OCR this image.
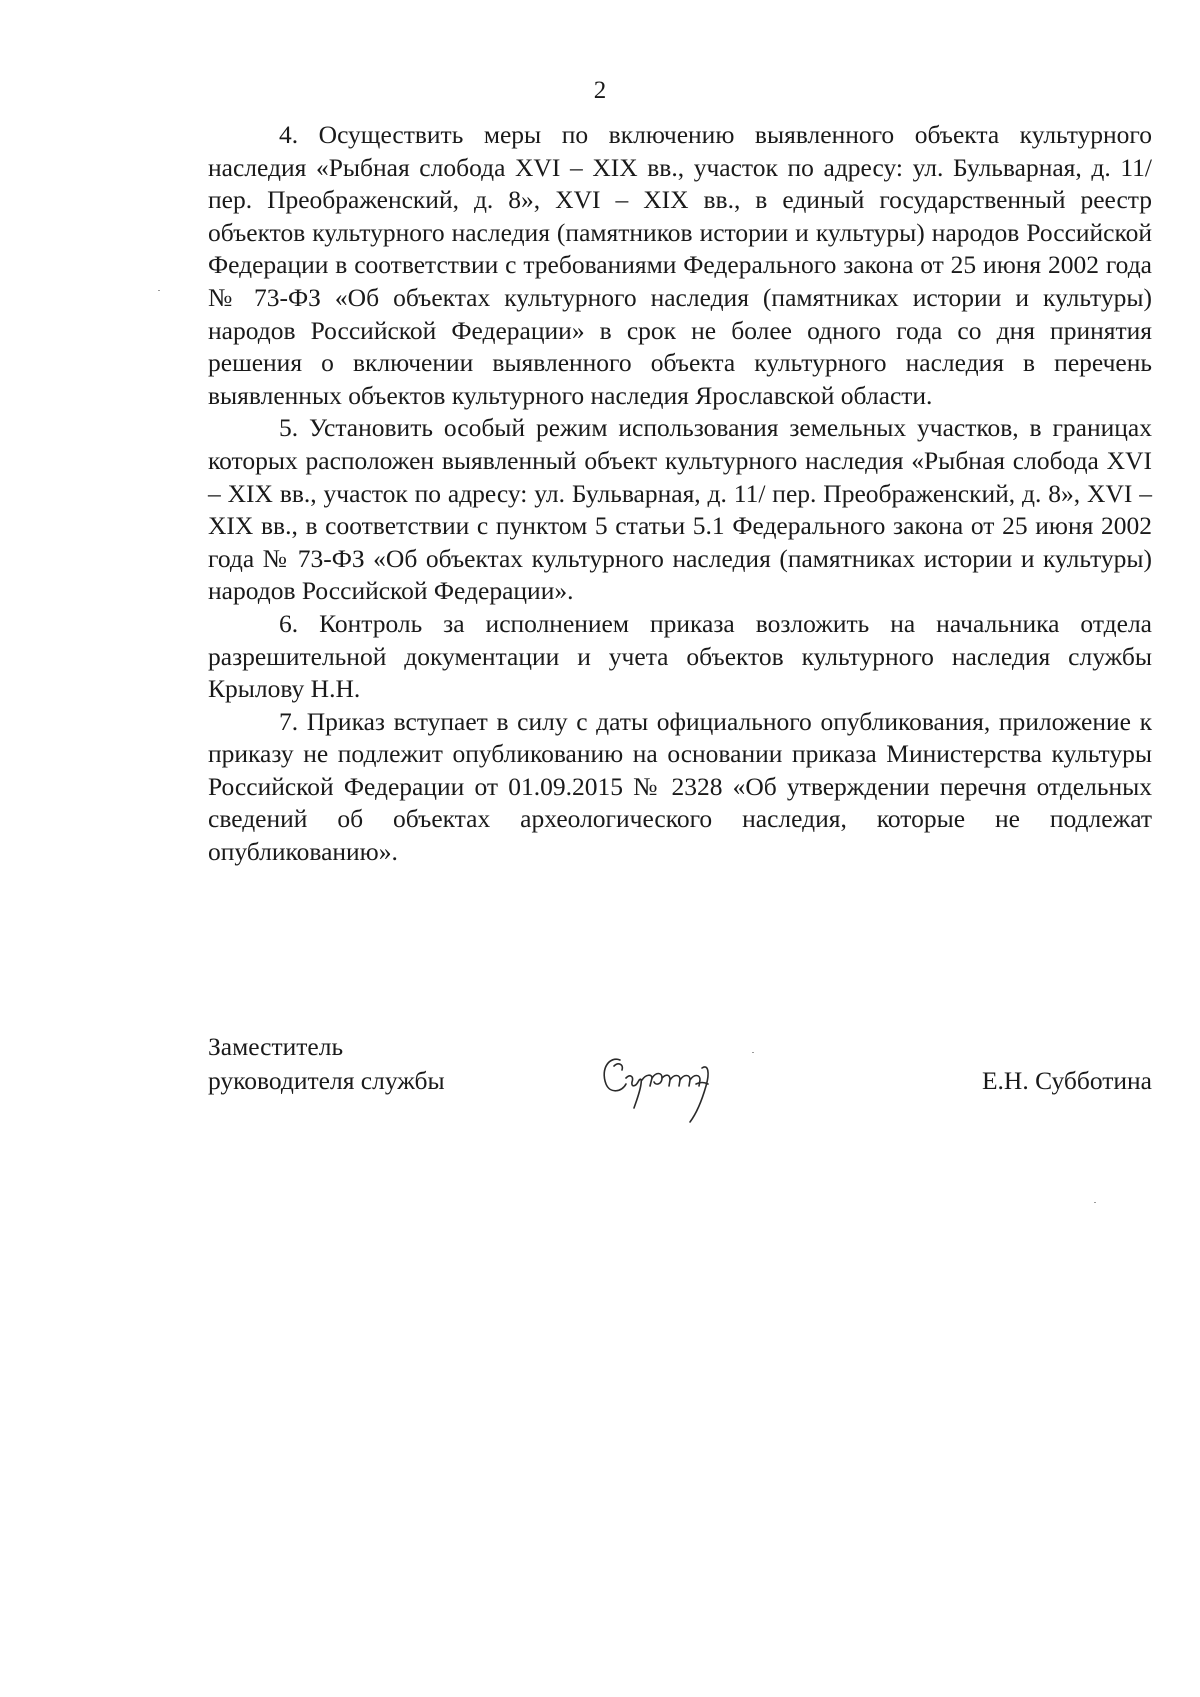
2

4. Осуществить меры по включению выявленного объекта культурного наследия «Рыбная слобода XVI – XIX вв., участок по адресу: ул. Бульварная, д. 11/ пер. Преображенский, д. 8», XVI – XIX вв., в единый государственный реестр объектов культурного наследия (памятников истории и культуры) народов Российской Федерации в соответствии с требованиями Федерального закона от 25 июня 2002 года № 73-ФЗ «Об объектах культурного наследия (памятниках истории и культуры) народов Российской Федерации» в срок не более одного года со дня принятия решения о включении выявленного объекта культурного наследия в перечень выявленных объектов культурного наследия Ярославской области.

5. Установить особый режим использования земельных участков, в границах которых расположен выявленный объект культурного наследия «Рыбная слобода XVI – XIX вв., участок по адресу: ул. Бульварная, д. 11/ пер. Преображенский, д. 8», XVI – XIX вв., в соответствии с пунктом 5 статьи 5.1 Федерального закона от 25 июня 2002 года № 73-ФЗ «Об объектах культурного наследия (памятниках истории и культуры) народов Российской Федерации».

6. Контроль за исполнением приказа возложить на начальника отдела разрешительной документации и учета объектов культурного наследия службы Крылову Н.Н.

7. Приказ вступает в силу с даты официального опубликования, приложение к приказу не подлежит опубликованию на основании приказа Министерства культуры Российской Федерации от 01.09.2015 № 2328 «Об утверждении перечня отдельных сведений об объектах археологического наследия, которые не подлежат опубликованию».

Заместитель
руководителя службы	Е.Н. Субботина
